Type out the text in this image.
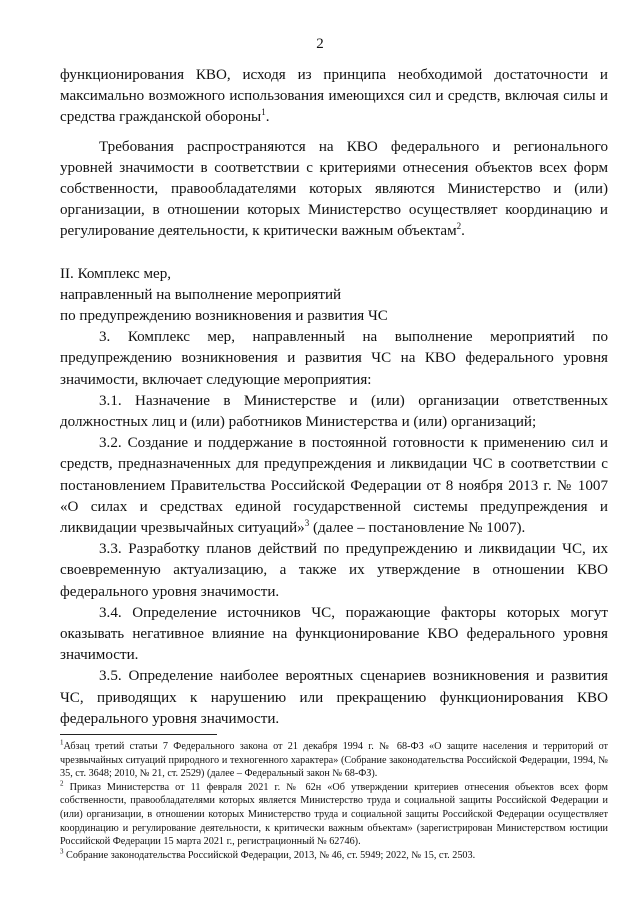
2

функционирования КВО, исходя из принципа необходимой достаточности и максимально возможного использования имеющихся сил и средств, включая силы и средства гражданской обороны$^1$.

Требования распространяются на КВО федерального и регионального уровней значимости в соответствии с критериями отнесения объектов всех форм собственности, правообладателями которых являются Министерство и (или) организации, в отношении которых Министерство осуществляет координацию и регулирование деятельности, к критически важным объектам$^2$.

II. Комплекс мер,
направленный на выполнение мероприятий
по предупреждению возникновения и развития ЧС

3. Комплекс мер, направленный на выполнение мероприятий по предупреждению возникновения и развития ЧС на КВО федерального уровня значимости, включает следующие мероприятия:

3.1. Назначение в Министерстве и (или) организации ответственных должностных лиц и (или) работников Министерства и (или) организаций;

3.2. Создание и поддержание в постоянной готовности к применению сил и средств, предназначенных для предупреждения и ликвидации ЧС в соответствии с постановлением Правительства Российской Федерации от 8 ноября 2013 г. № 1007 «О силах и средствах единой государственной системы предупреждения и ликвидации чрезвычайных ситуаций»$^3$ (далее – постановление № 1007).

3.3. Разработку планов действий по предупреждению и ликвидации ЧС, их своевременную актуализацию, а также их утверждение в отношении КВО федерального уровня значимости.

3.4. Определение источников ЧС, поражающие факторы которых могут оказывать негативное влияние на функционирование КВО федерального уровня значимости.

3.5. Определение наиболее вероятных сценариев возникновения и развития ЧС, приводящих к нарушению или прекращению функционирования КВО федерального уровня значимости.

$^1$Абзац третий статьи 7 Федерального закона от 21 декабря 1994 г. № 68-ФЗ «О защите населения и территорий от чрезвычайных ситуаций природного и техногенного характера» (Собрание законодательства Российской Федерации, 1994, № 35, ст. 3648; 2010, № 21, ст. 2529) (далее – Федеральный закон № 68-ФЗ).

$^2$ Приказ Министерства от 11 февраля 2021 г. № 62н «Об утверждении критериев отнесения объектов всех форм собственности, правообладателями которых является Министерство труда и социальной защиты Российской Федерации и (или) организации, в отношении которых Министерство труда и социальной защиты Российской Федерации осуществляет координацию и регулирование деятельности, к критически важным объектам» (зарегистрирован Министерством юстиции Российской Федерации 15 марта 2021 г., регистрационный № 62746).

$^3$ Собрание законодательства Российской Федерации, 2013, № 46, ст. 5949; 2022, № 15, ст. 2503.
